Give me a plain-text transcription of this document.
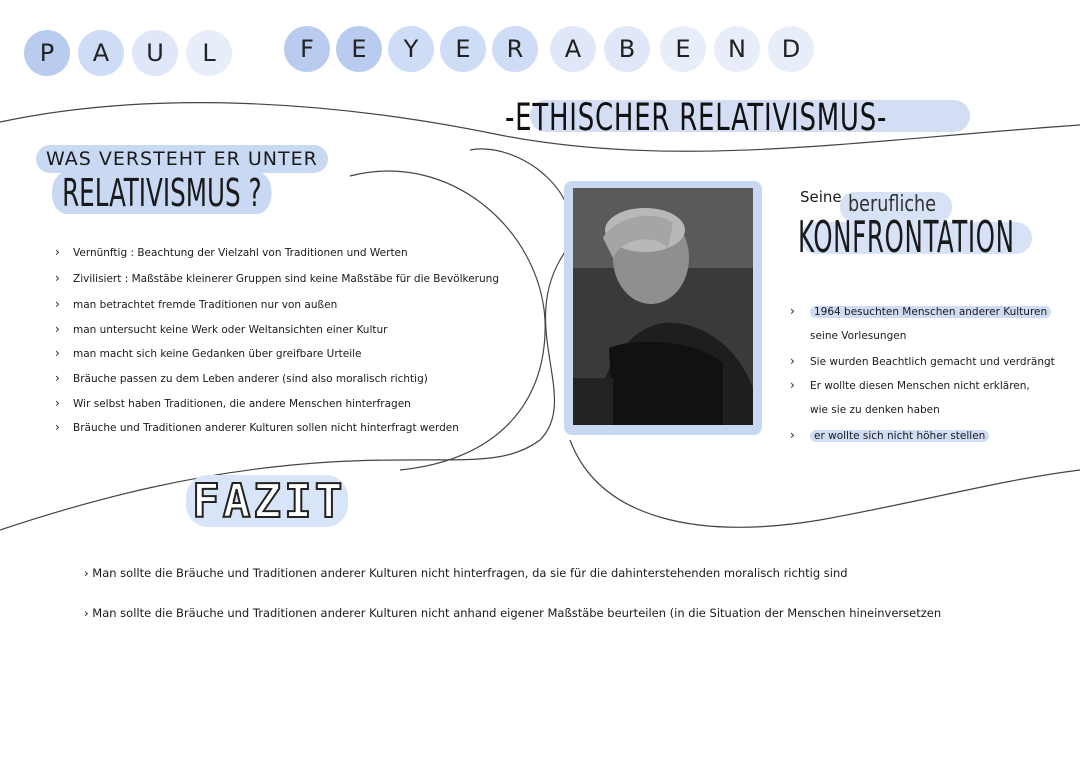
P	A	U	L	F	E	Y	E	R	A	B	E	N	D
-ETHISCHER RELATIVISMUS-
WAS VERSTEHT ER UNTER
RELATIVISMUS ?
› Vernünftig : Beachtung der Vielzahl von Traditionen und Werten
› Zivilisiert : Maßstäbe kleinerer Gruppen sind keine Maßstäbe für die Bevölkerung
› man betrachtet fremde Traditionen nur von außen
› man untersucht keine Werk oder Weltansichten einer Kultur
› man macht sich keine Gedanken über greifbare Urteile
› Bräuche passen zu dem Leben anderer (sind also moralisch richtig)
› Wir selbst haben Traditionen, die andere Menschen hinterfragen
› Bräuche und Traditionen anderer Kulturen sollen nicht hinterfragt werden
Seine berufliche
KONFRONTATION
› 1964 besuchten Menschen anderer Kulturen
seine Vorlesungen
› Sie wurden Beachtlich gemacht und verdrängt
› Er wollte diesen Menschen nicht erklären,
wie sie zu denken haben
› er wollte sich nicht höher stellen
FAZIT
› Man sollte die Bräuche und Traditionen anderer Kulturen nicht hinterfragen, da sie für die dahinterstehenden moralisch richtig sind
› Man sollte die Bräuche und Traditionen anderer Kulturen nicht anhand eigener Maßstäbe beurteilen (in die Situation der Menschen hineinversetzen
